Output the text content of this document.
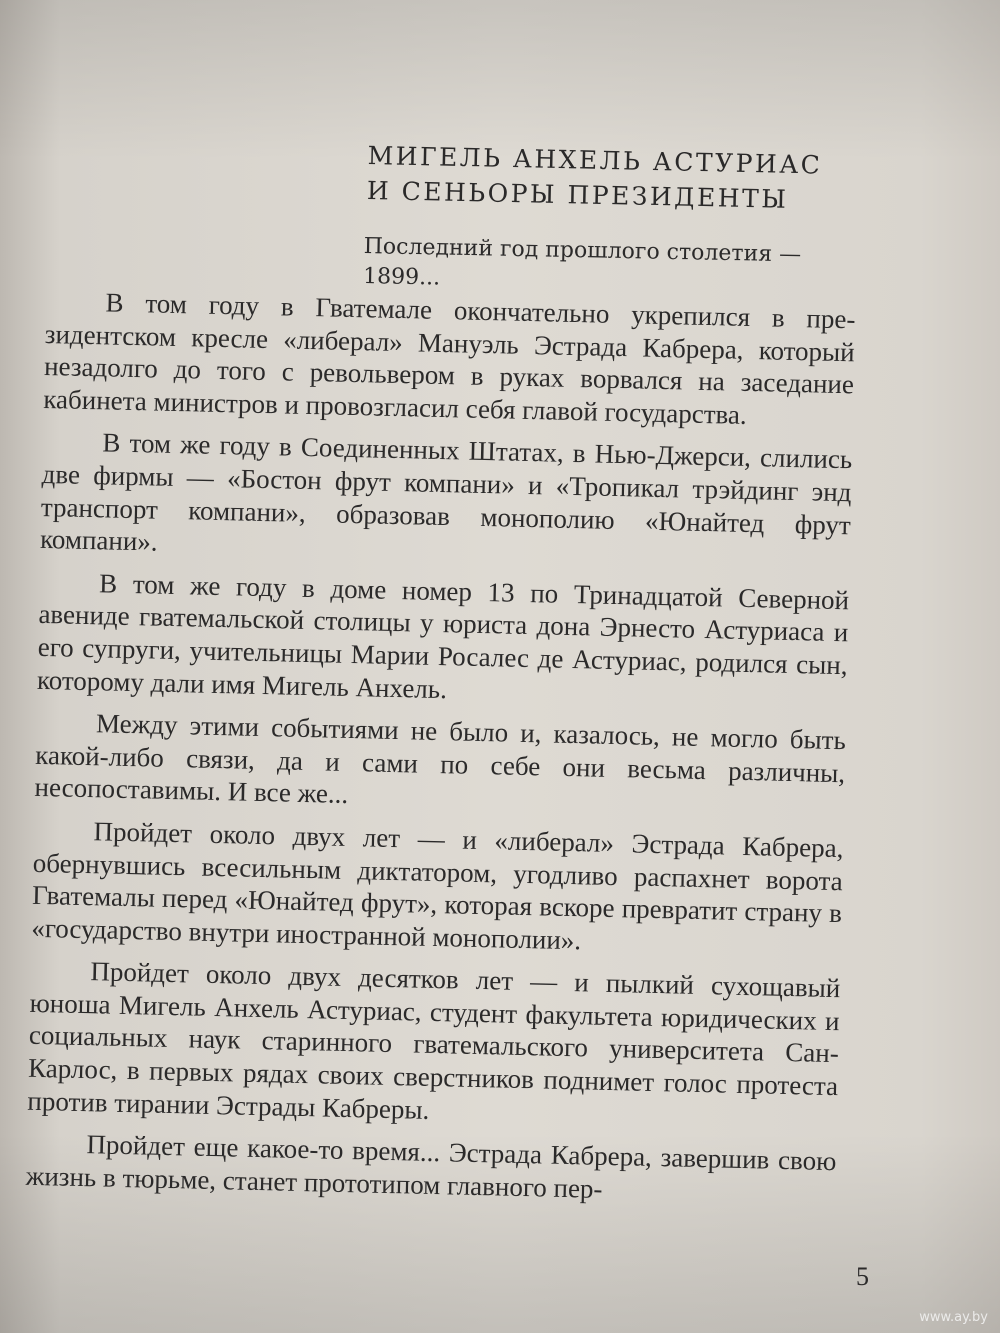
МИГЕЛЬ АНХЕЛЬ АСТУРИАС
И СЕНЬОРЫ ПРЕЗИДЕНТЫ
Последний год прошлого столетия —
1899...

В том году в Гватемале окончательно укрепился в президентском кресле «либерал» Мануэль Эстрада Кабрера, который незадолго до того с револьвером в руках ворвался на заседание кабинета министров и провозгласил себя главой государства.

В том же году в Соединенных Штатах, в Нью-Джерси, слились две фирмы — «Бостон фрут компани» и «Тропикал трэйдинг энд транспорт компани», образовав монополию «Юнайтед фрут компани».

В том же году в доме номер 13 по Тринадцатой Северной авениде гватемальской столицы у юриста дона Эрнесто Астуриаса и его супруги, учительницы Марии Росалес де Астуриас, родился сын, которому дали имя Мигель Анхель.

Между этими событиями не было и, казалось, не могло быть какой-либо связи, да и сами по себе они весьма различны, несопоставимы. И все же...

Пройдет около двух лет — и «либерал» Эстрада Кабрера, обернувшись всесильным диктатором, угодливо распахнет ворота Гватемалы перед «Юнайтед фрут», которая вскоре превратит страну в «государство внутри иностранной монополии».

Пройдет около двух десятков лет — и пылкий сухощавый юноша Мигель Анхель Астуриас, студент факультета юридических и социальных наук старинного гватемальского университета Сан-Карлос, в первых рядах своих сверстников поднимет голос протеста против тирании Эстрады Кабреры.

Пройдет еще какое-то время... Эстрада Кабрера, завершив свою жизнь в тюрьме, станет прототипом главного пер-

5
www.ay.by
